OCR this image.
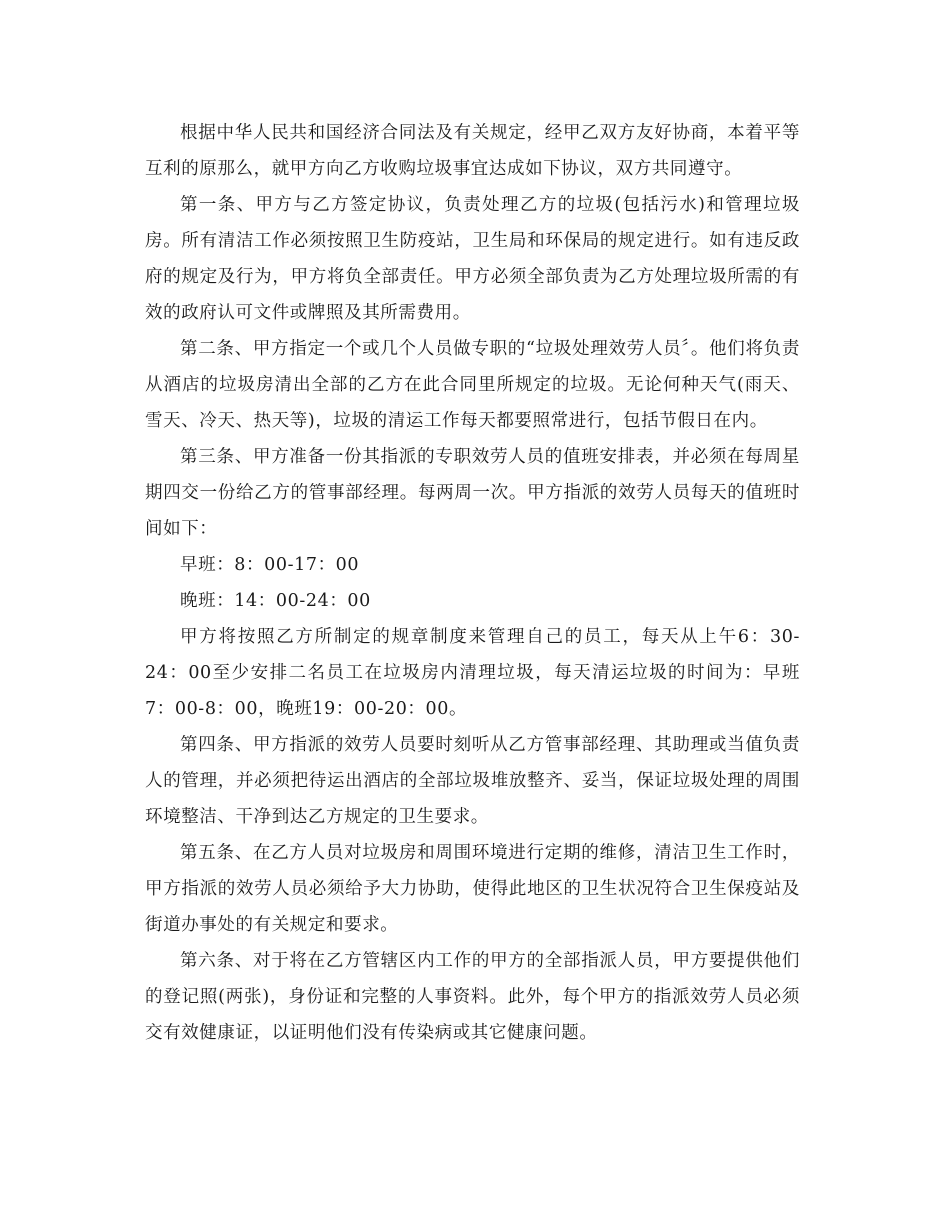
根据中华人民共和国经济合同法及有关规定，经甲乙双方友好协商，本着平等互利的原那么，就甲方向乙方收购垃圾事宜达成如下协议，双方共同遵守。

第一条、甲方与乙方签定协议，负责处理乙方的垃圾(包括污水)和管理垃圾房。所有清洁工作必须按照卫生防疫站，卫生局和环保局的规定进行。如有违反政府的规定及行为，甲方将负全部责任。甲方必须全部负责为乙方处理垃圾所需的有效的政府认可文件或牌照及其所需费用。

第二条、甲方指定一个或几个人员做专职的“垃圾处理效劳人员〞。他们将负责从酒店的垃圾房清出全部的乙方在此合同里所规定的垃圾。无论何种天气(雨天、雪天、冷天、热天等)，垃圾的清运工作每天都要照常进行，包括节假日在内。

第三条、甲方准备一份其指派的专职效劳人员的值班安排表，并必须在每周星期四交一份给乙方的管事部经理。每两周一次。甲方指派的效劳人员每天的值班时间如下：

早班：8：00-17：00

晚班：14：00-24：00

甲方将按照乙方所制定的规章制度来管理自己的员工，每天从上午6：30-24：00至少安排二名员工在垃圾房内清理垃圾，每天清运垃圾的时间为：早班7：00-8：00，晚班19：00-20：00。

第四条、甲方指派的效劳人员要时刻听从乙方管事部经理、其助理或当值负责人的管理，并必须把待运出酒店的全部垃圾堆放整齐、妥当，保证垃圾处理的周围环境整洁、干净到达乙方规定的卫生要求。

第五条、在乙方人员对垃圾房和周围环境进行定期的维修，清洁卫生工作时，甲方指派的效劳人员必须给予大力协助，使得此地区的卫生状况符合卫生保疫站及街道办事处的有关规定和要求。

第六条、对于将在乙方管辖区内工作的甲方的全部指派人员，甲方要提供他们的登记照(两张)，身份证和完整的人事资料。此外，每个甲方的指派效劳人员必须交有效健康证，以证明他们没有传染病或其它健康问题。
